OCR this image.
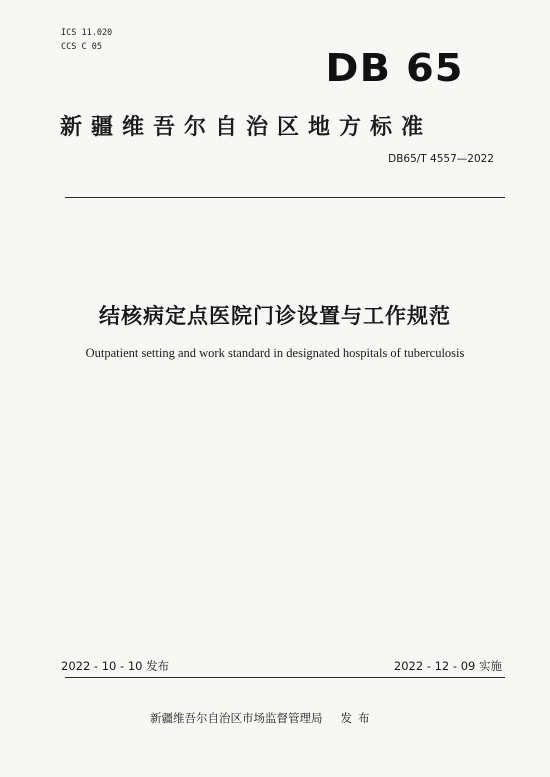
ICS 11.020
CCS C 05	DB 65
新疆维吾尔自治区地方标准
DB65/T 4557—2022
结核病定点医院门诊设置与工作规范
Outpatient setting and work standard in designated hospitals of tuberculosis
2022 - 10 - 10 发布	2022 - 12 - 09 实施
新疆维吾尔自治区市场监督管理局 发布
